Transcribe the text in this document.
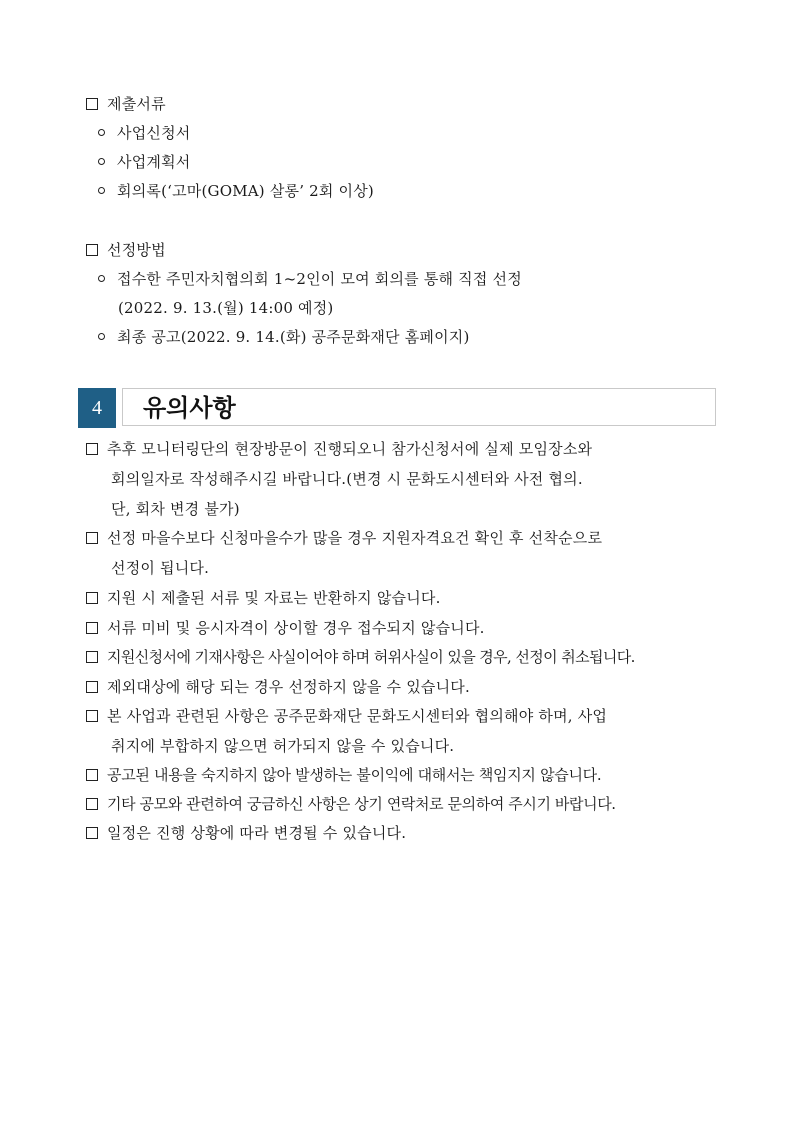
제출서류
사업신청서
사업계획서
회의록(‘고마(GOMA) 살롱’ 2회 이상)
선정방법
접수한 주민자치협의회 1~2인이 모여 회의를 통해 직접 선정
(2022. 9. 13.(월) 14:00 예정)
최종 공고(2022. 9. 14.(화) 공주문화재단 홈페이지)
4	유의사항
추후 모니터링단의 현장방문이 진행되오니 참가신청서에 실제 모임장소와
회의일자로 작성해주시길 바랍니다.(변경 시 문화도시센터와 사전 협의.
단, 회차 변경 불가)
선정 마을수보다 신청마을수가 많을 경우 지원자격요건 확인 후 선착순으로
선정이 됩니다.
지원 시 제출된 서류 및 자료는 반환하지 않습니다.
서류 미비 및 응시자격이 상이할 경우 접수되지 않습니다.
지원신청서에 기재사항은 사실이어야 하며 허위사실이 있을 경우, 선정이 취소됩니다.
제외대상에 해당 되는 경우 선정하지 않을 수 있습니다.
본 사업과 관련된 사항은 공주문화재단 문화도시센터와 협의해야 하며, 사업
취지에 부합하지 않으면 허가되지 않을 수 있습니다.
공고된 내용을 숙지하지 않아 발생하는 불이익에 대해서는 책임지지 않습니다.
기타 공모와 관련하여 궁금하신 사항은 상기 연락처로 문의하여 주시기 바랍니다.
일정은 진행 상황에 따라 변경될 수 있습니다.
